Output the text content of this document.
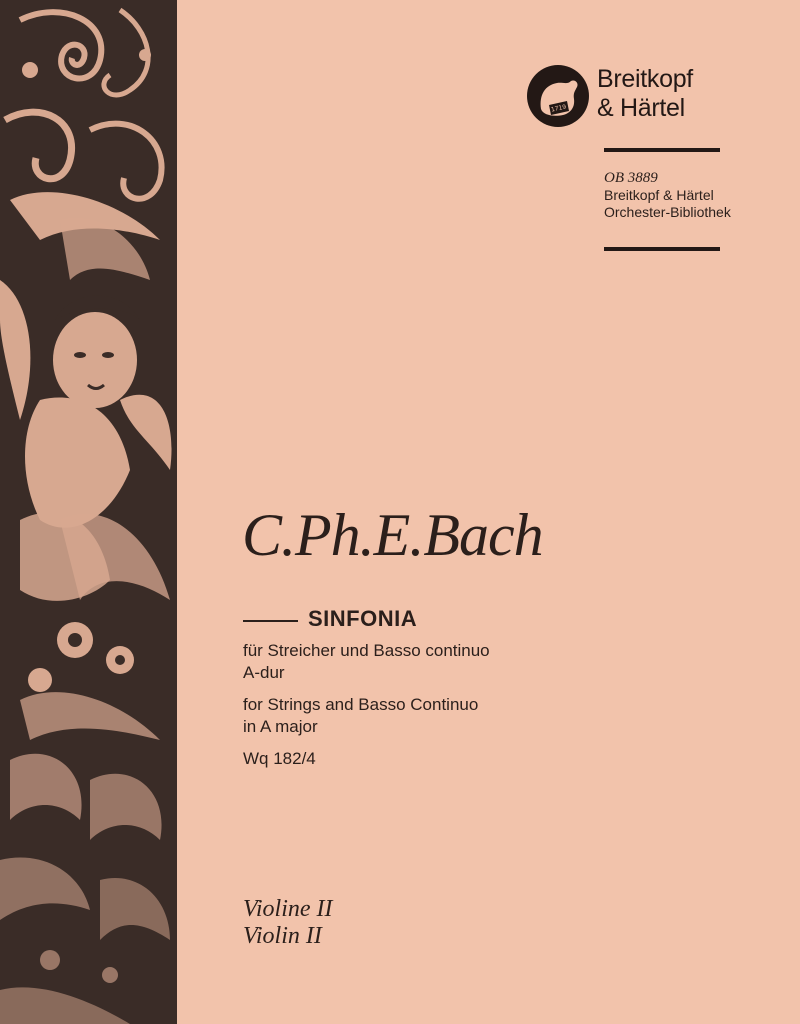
1719
Breitkopf
& Härtel
OB 3889
Breitkopf & Härtel
Orchester-Bibliothek
C.Ph.E.Bach
SINFONIA
für Streicher und Basso continuo
A-dur
for Strings and Basso Continuo
in A major
Wq 182/4
Violine II
Violin II
